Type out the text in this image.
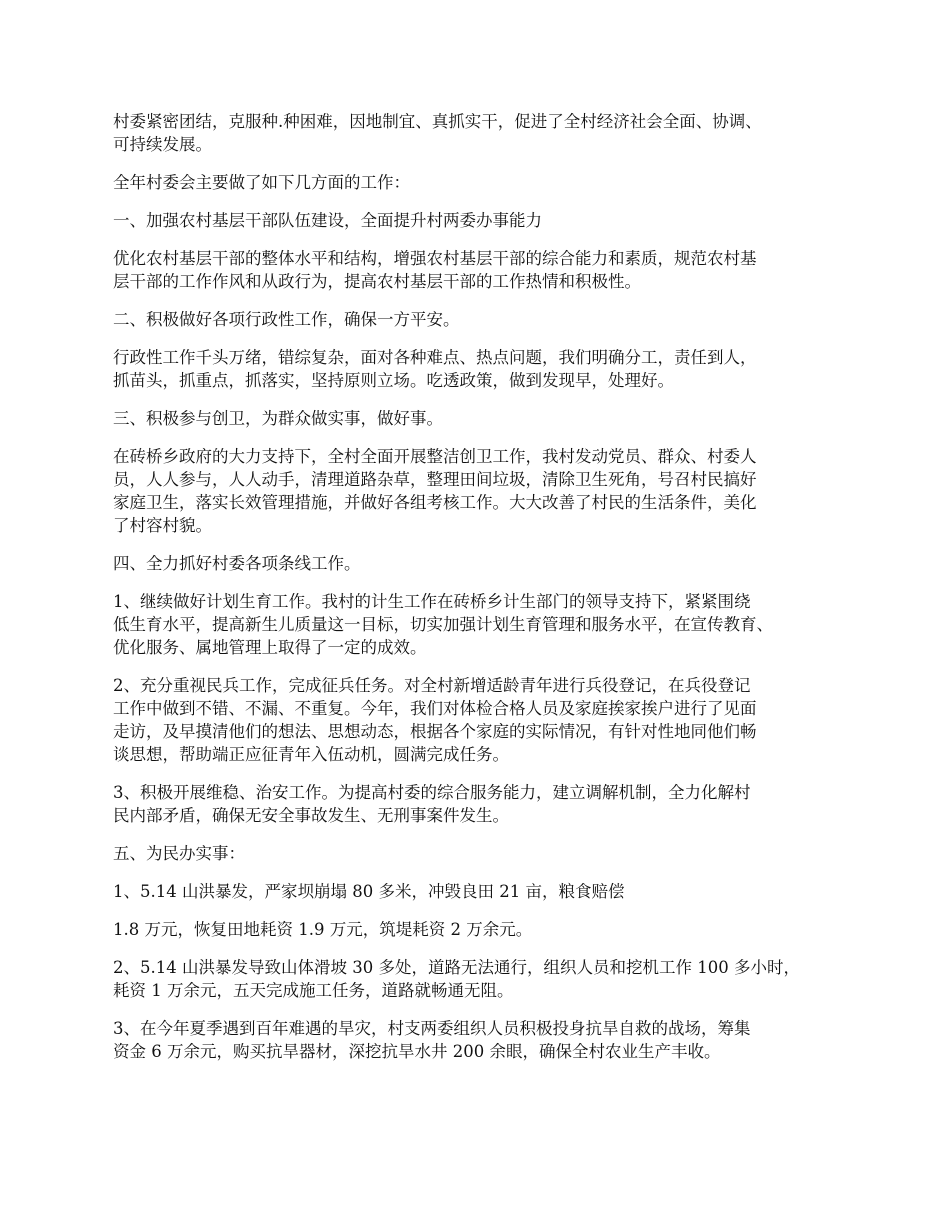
村委紧密团结，克服种.种困难，因地制宜、真抓实干，促进了全村经济社会全面、协调、
可持续发展。

全年村委会主要做了如下几方面的工作：

一、加强农村基层干部队伍建设，全面提升村两委办事能力

优化农村基层干部的整体水平和结构，增强农村基层干部的综合能力和素质，规范农村基
层干部的工作作风和从政行为，提高农村基层干部的工作热情和积极性。

二、积极做好各项行政性工作，确保一方平安。

行政性工作千头万绪，错综复杂，面对各种难点、热点问题，我们明确分工，责任到人，
抓苗头，抓重点，抓落实，坚持原则立场。吃透政策，做到发现早，处理好。

三、积极参与创卫，为群众做实事，做好事。

在砖桥乡政府的大力支持下，全村全面开展整洁创卫工作，我村发动党员、群众、村委人
员，人人参与，人人动手，清理道路杂草，整理田间垃圾，清除卫生死角，号召村民搞好
家庭卫生，落实长效管理措施，并做好各组考核工作。大大改善了村民的生活条件，美化
了村容村貌。

四、全力抓好村委各项条线工作。

1、继续做好计划生育工作。我村的计生工作在砖桥乡计生部门的领导支持下，紧紧围绕
低生育水平，提高新生儿质量这一目标，切实加强计划生育管理和服务水平，在宣传教育、
优化服务、属地管理上取得了一定的成效。

2、充分重视民兵工作，完成征兵任务。对全村新增适龄青年进行兵役登记，在兵役登记
工作中做到不错、不漏、不重复。今年，我们对体检合格人员及家庭挨家挨户进行了见面
走访，及早摸清他们的想法、思想动态，根据各个家庭的实际情况，有针对性地同他们畅
谈思想，帮助端正应征青年入伍动机，圆满完成任务。

3、积极开展维稳、治安工作。为提高村委的综合服务能力，建立调解机制，全力化解村
民内部矛盾，确保无安全事故发生、无刑事案件发生。

五、为民办实事：

1、5.14 山洪暴发，严家坝崩塌 80 多米，冲毁良田 21 亩，粮食赔偿

1.8 万元，恢复田地耗资 1.9 万元，筑堤耗资 2 万余元。

2、5.14 山洪暴发导致山体滑坡 30 多处，道路无法通行，组织人员和挖机工作 100 多小时，
耗资 1 万余元，五天完成施工任务，道路就畅通无阻。

3、在今年夏季遇到百年难遇的旱灾，村支两委组织人员积极投身抗旱自救的战场，筹集
资金 6 万余元，购买抗旱器材，深挖抗旱水井 200 余眼，确保全村农业生产丰收。
